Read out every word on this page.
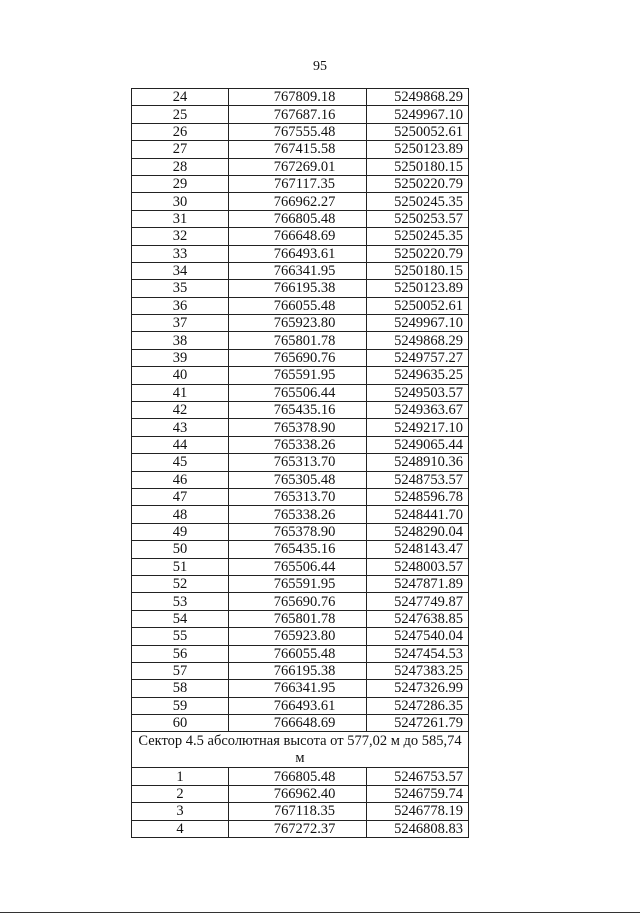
95
24	767809.18	5249868.29
25	767687.16	5249967.10
26	767555.48	5250052.61
27	767415.58	5250123.89
28	767269.01	5250180.15
29	767117.35	5250220.79
30	766962.27	5250245.35
31	766805.48	5250253.57
32	766648.69	5250245.35
33	766493.61	5250220.79
34	766341.95	5250180.15
35	766195.38	5250123.89
36	766055.48	5250052.61
37	765923.80	5249967.10
38	765801.78	5249868.29
39	765690.76	5249757.27
40	765591.95	5249635.25
41	765506.44	5249503.57
42	765435.16	5249363.67
43	765378.90	5249217.10
44	765338.26	5249065.44
45	765313.70	5248910.36
46	765305.48	5248753.57
47	765313.70	5248596.78
48	765338.26	5248441.70
49	765378.90	5248290.04
50	765435.16	5248143.47
51	765506.44	5248003.57
52	765591.95	5247871.89
53	765690.76	5247749.87
54	765801.78	5247638.85
55	765923.80	5247540.04
56	766055.48	5247454.53
57	766195.38	5247383.25
58	766341.95	5247326.99
59	766493.61	5247286.35
60	766648.69	5247261.79
Сектор 4.5 абсолютная высота от 577,02 м до 585,74 м		
1	766805.48	5246753.57
2	766962.40	5246759.74
3	767118.35	5246778.19
4	767272.37	5246808.83
